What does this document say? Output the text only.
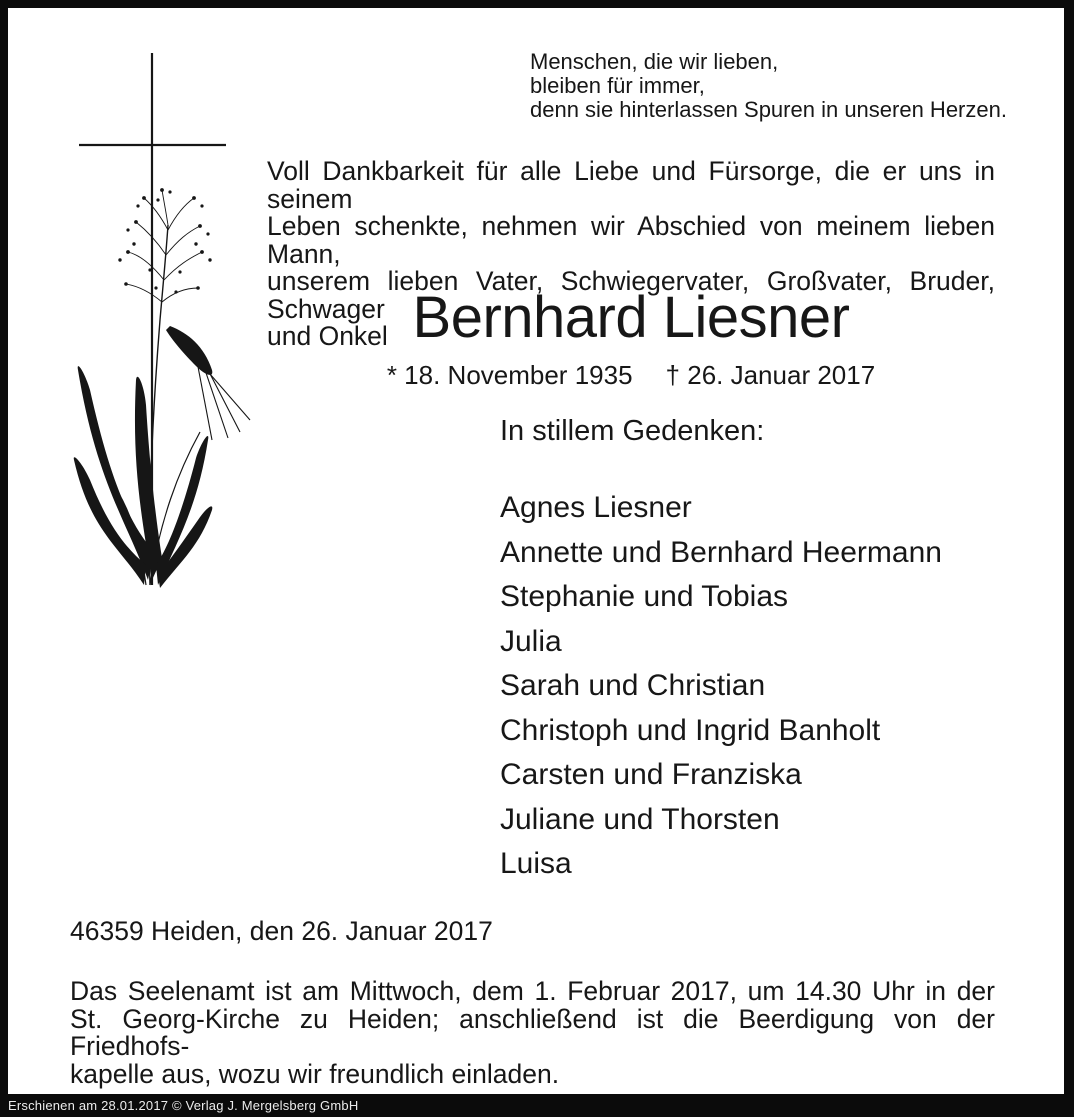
Menschen, die wir lieben,
bleiben für immer,
denn sie hinterlassen Spuren in unseren Herzen.
Voll Dankbarkeit für alle Liebe und Fürsorge, die er uns in seinem
Leben schenkte, nehmen wir Abschied von meinem lieben Mann,
unserem lieben Vater, Schwiegervater, Großvater, Bruder, Schwager
und Onkel Bernhard Liesner
* 18. November 1935 † 26. Januar 2017
In stillem Gedenken:
Agnes Liesner
Annette und Bernhard Heermann
Stephanie und Tobias
Julia
Sarah und Christian
Christoph und Ingrid Banholt
Carsten und Franziska
Juliane und Thorsten
Luisa
46359 Heiden, den 26. Januar 2017
Das Seelenamt ist am Mittwoch, dem 1. Februar 2017, um 14.30 Uhr in der
St. Georg-Kirche zu Heiden; anschließend ist die Beerdigung von der Friedhofs-
kapelle aus, wozu wir freundlich einladen.
Erschienen am 28.01.2017 © Verlag J. Mergelsberg GmbH
